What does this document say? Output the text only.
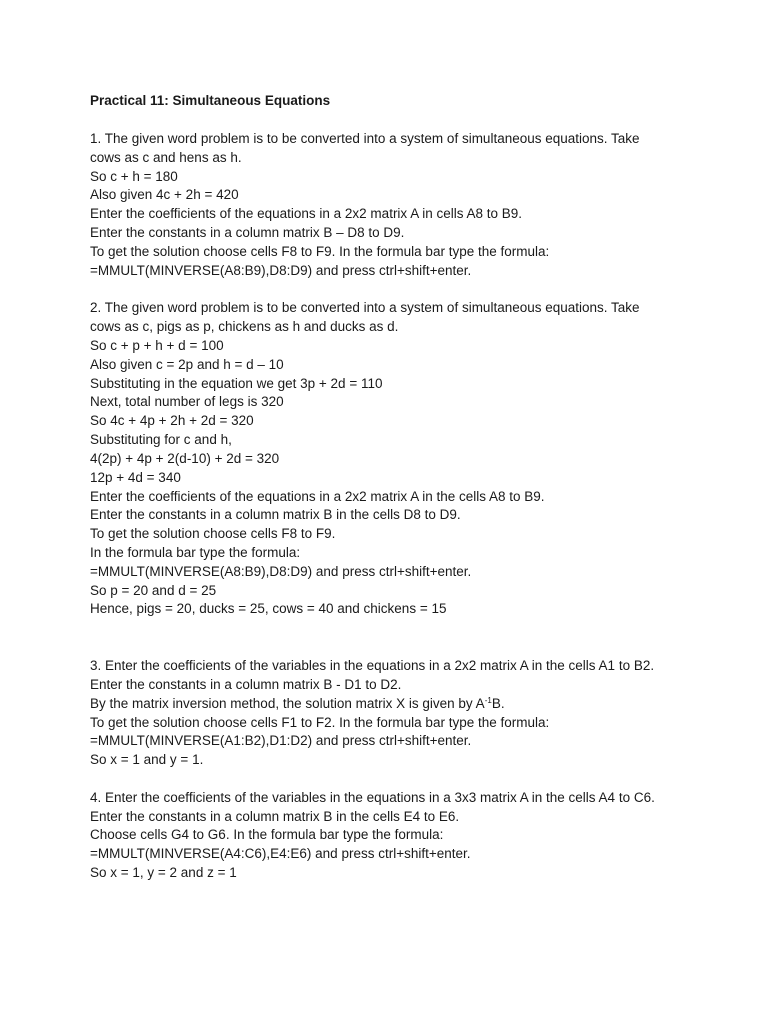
Practical 11: Simultaneous Equations
1. The given word problem is to be converted into a system of simultaneous equations. Take
cows as c and hens as h.
So c + h = 180
Also given 4c + 2h = 420
Enter the coefficients of the equations in a 2x2 matrix A in cells A8 to B9.
Enter the constants in a column matrix B – D8 to D9.
To get the solution choose cells F8 to F9. In the formula bar type the formula:
=MMULT(MINVERSE(A8:B9),D8:D9) and press ctrl+shift+enter.
2. The given word problem is to be converted into a system of simultaneous equations. Take
cows as c, pigs as p, chickens as h and ducks as d.
So c + p + h + d = 100
Also given c = 2p and h = d – 10
Substituting in the equation we get 3p + 2d = 110
Next, total number of legs is 320
So 4c + 4p + 2h + 2d = 320
Substituting for c and h,
4(2p) + 4p + 2(d-10) + 2d = 320
12p + 4d = 340
Enter the coefficients of the equations in a 2x2 matrix A in the cells A8 to B9.
Enter the constants in a column matrix B in the cells D8 to D9.
To get the solution choose cells F8 to F9.
In the formula bar type the formula:
=MMULT(MINVERSE(A8:B9),D8:D9) and press ctrl+shift+enter.
So p = 20 and d = 25
Hence, pigs = 20, ducks = 25, cows = 40 and chickens = 15
3. Enter the coefficients of the variables in the equations in a 2x2 matrix A in the cells A1 to B2.
Enter the constants in a column matrix B - D1 to D2.
By the matrix inversion method, the solution matrix X is given by $A^{-1}B$.
To get the solution choose cells F1 to F2. In the formula bar type the formula:
=MMULT(MINVERSE(A1:B2),D1:D2) and press ctrl+shift+enter.
So x = 1 and y = 1.
4. Enter the coefficients of the variables in the equations in a 3x3 matrix A in the cells A4 to C6.
Enter the constants in a column matrix B in the cells E4 to E6.
Choose cells G4 to G6. In the formula bar type the formula:
=MMULT(MINVERSE(A4:C6),E4:E6) and press ctrl+shift+enter.
So x = 1, y = 2 and z = 1
